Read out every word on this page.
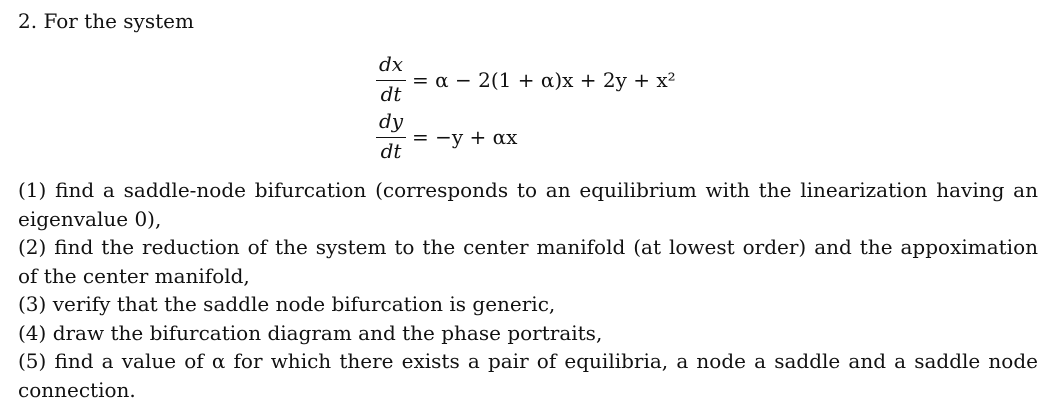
2. For the system
dx
dt
= α − 2(1 + α)x + 2y + x²
dy
dt
= −y + αx
(1) find a saddle-node bifurcation (corresponds to an equilibrium with the linearization having an eigenvalue 0),
(2) find the reduction of the system to the center manifold (at lowest order) and the appoximation of the center manifold,
(3) verify that the saddle node bifurcation is generic,
(4) draw the bifurcation diagram and the phase portraits,
(5) find a value of α for which there exists a pair of equilibria, a node a saddle and a saddle node connection.
